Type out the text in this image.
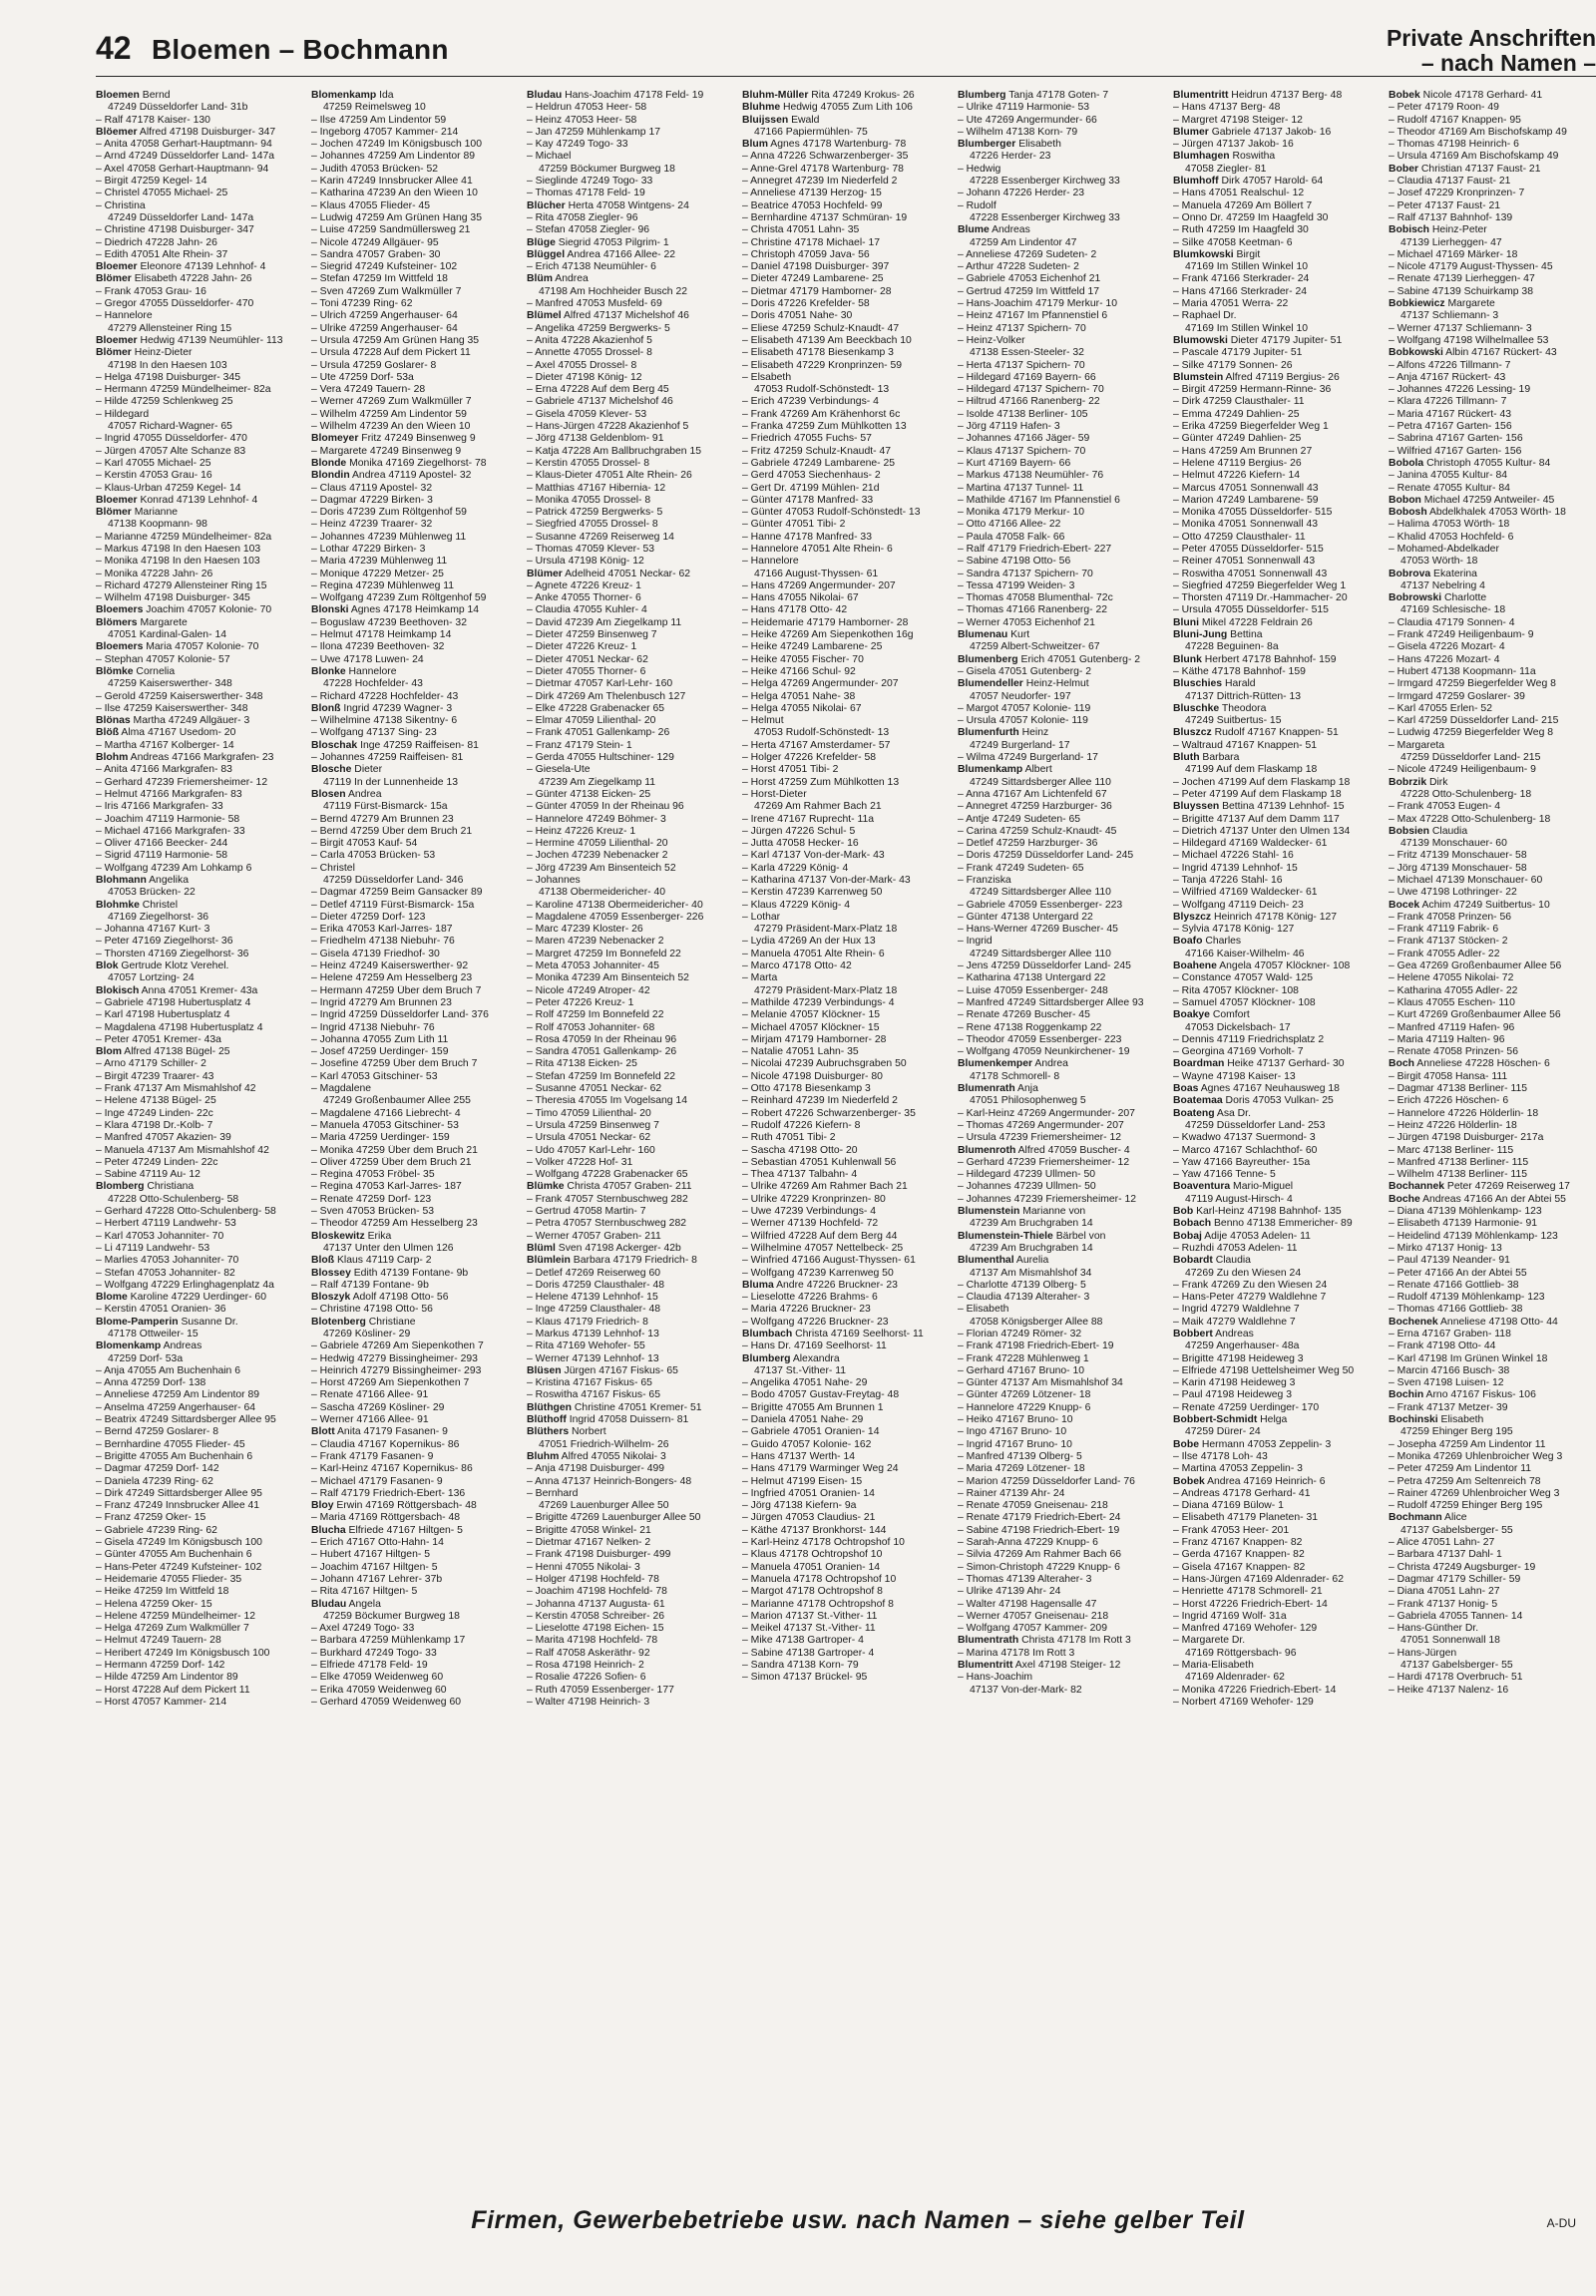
42 Bloemen – Bochmann	Private Anschriften
– nach Namen –
Bloemen Bernd
47249 Düsseldorfer Land- 31b
– Ralf 47178 Kaiser- 130
Blöemer Alfred 47198 Duisburger- 347
– Anita 47058 Gerhart-Hauptmann- 94
– Arnd 47249 Düsseldorfer Land- 147a
– Axel 47058 Gerhart-Hauptmann- 94
– Birgit 47259 Kegel- 14
– Christel 47055 Michael- 25
– Christina
47249 Düsseldorfer Land- 147a
– Christine 47198 Duisburger- 347
– Diedrich 47228 Jahn- 26
– Edith 47051 Alte Rhein- 37
Bloemer Eleonore 47139 Lehnhof- 4
Blömer Elisabeth 47228 Jahn- 26
– Frank 47053 Grau- 16
– Gregor 47055 Düsseldorfer- 470
– Hannelore
47279 Allensteiner Ring 15
Bloemer Hedwig 47139 Neumühler- 113
Blömer Heinz-Dieter
47198 In den Haesen 103
– Helga 47198 Duisburger- 345
– Hermann 47259 Mündelheimer- 82a
– Hilde 47259 Schlenkweg 25
– Hildegard
47057 Richard-Wagner- 65
– Ingrid 47055 Düsseldorfer- 470
– Jürgen 47057 Alte Schanze 83
– Karl 47055 Michael- 25
– Kerstin 47053 Grau- 16
– Klaus-Urban 47259 Kegel- 14
Bloemer Konrad 47139 Lehnhof- 4
Blömer Marianne
47138 Koopmann- 98
– Marianne 47259 Mündelheimer- 82a
– Markus 47198 In den Haesen 103
– Monika 47198 In den Haesen 103
– Monika 47228 Jahn- 26
– Richard 47279 Allensteiner Ring 15
– Wilhelm 47198 Duisburger- 345
Bloemers Joachim 47057 Kolonie- 70
Blömers Margarete
47051 Kardinal-Galen- 14
Bloemers Maria 47057 Kolonie- 70
– Stephan 47057 Kolonie- 57
Blömke Cornelia
47259 Kaiserswerther- 348
– Gerold 47259 Kaiserswerther- 348
– Ilse 47259 Kaiserswerther- 348
Blönas Martha 47249 Allgäuer- 3
Blöß Alma 47167 Usedom- 20
– Martha 47167 Kolberger- 14
Blohm Andreas 47166 Markgrafen- 23
– Anita 47166 Markgrafen- 83
– Gerhard 47239 Friemersheimer- 12
– Helmut 47166 Markgrafen- 83
– Iris 47166 Markgrafen- 33
– Joachim 47119 Harmonie- 58
– Michael 47166 Markgrafen- 33
– Oliver 47166 Beecker- 244
– Sigrid 47119 Harmonie- 58
– Wolfgang 47239 Am Lohkamp 6
Blohmann Angelika
47053 Brücken- 22
Blohmke Christel
47169 Ziegelhorst- 36
– Johanna 47167 Kurt- 3
– Peter 47169 Ziegelhorst- 36
– Thorsten 47169 Ziegelhorst- 36
Blok Gertrude Klotz Verehel.
47057 Lortzing- 24
Blokisch Anna 47051 Kremer- 43a
– Gabriele 47198 Hubertusplatz 4
– Karl 47198 Hubertusplatz 4
– Magdalena 47198 Hubertusplatz 4
– Peter 47051 Kremer- 43a
Blom Alfred 47138 Bügel- 25
– Arno 47179 Schiller- 2
– Birgit 47239 Traarer- 43
– Frank 47137 Am Mismahlshof 42
– Helene 47138 Bügel- 25
– Inge 47249 Linden- 22c
– Klara 47198 Dr.-Kolb- 7
– Manfred 47057 Akazien- 39
– Manuela 47137 Am Mismahlshof 42
– Peter 47249 Linden- 22c
– Sabine 47119 Au- 12
Blomberg Christiana
47228 Otto-Schulenberg- 58
– Gerhard 47228 Otto-Schulenberg- 58
– Herbert 47119 Landwehr- 53
– Karl 47053 Johanniter- 70
– Li 47119 Landwehr- 53
– Marlies 47053 Johanniter- 70
– Stefan 47053 Johanniter- 82
– Wolfgang 47229 Erlinghagenplatz 4a
Blome Karoline 47229 Uerdinger- 60
– Kerstin 47051 Oranien- 36
Blome-Pamperin Susanne Dr.
47178 Ottweiler- 15
Blomenkamp Andreas
47259 Dorf- 53a
– Anja 47055 Am Buchenhain 6
– Anna 47259 Dorf- 138
– Anneliese 47259 Am Lindentor 89
– Anselma 47259 Angerhauser- 64
– Beatrix 47249 Sittardsberger Allee 95
– Bernd 47259 Goslarer- 8
– Bernhardine 47055 Flieder- 45
– Brigitte 47055 Am Buchenhain 6
– Dagmar 47259 Dorf- 142
– Daniela 47239 Ring- 62
– Dirk 47249 Sittardsberger Allee 95
– Franz 47249 Innsbrucker Allee 41
– Franz 47259 Oker- 15
– Gabriele 47239 Ring- 62
– Gisela 47249 Im Königsbusch 100
– Günter 47055 Am Buchenhain 6
– Hans-Peter 47249 Kufsteiner- 102
– Heidemarie 47055 Flieder- 35
– Heike 47259 Im Wittfeld 18
– Helena 47259 Oker- 15
– Helene 47259 Mündelheimer- 12
– Helga 47269 Zum Walkmüller 7
– Helmut 47249 Tauern- 28
– Heribert 47249 Im Königsbusch 100
– Hermann 47259 Dorf- 142
– Hilde 47259 Am Lindentor 89
– Horst 47228 Auf dem Pickert 11
– Horst 47057 Kammer- 214
Blomenkamp Ida
47259 Reimelsweg 10
– Ilse 47259 Am Lindentor 59
– Ingeborg 47057 Kammer- 214
– Jochen 47249 Im Königsbusch 100
– Johannes 47259 Am Lindentor 89
– Judith 47053 Brücken- 52
– Karin 47249 Innsbrucker Allee 41
– Katharina 47239 An den Wieen 10
– Klaus 47055 Flieder- 45
– Ludwig 47259 Am Grünen Hang 35
– Luise 47259 Sandmüllersweg 21
– Nicole 47249 Allgäuer- 95
– Sandra 47057 Graben- 30
– Siegrid 47249 Kufsteiner- 102
– Stefan 47259 Im Wittfeld 18
– Sven 47269 Zum Walkmüller 7
– Toni 47239 Ring- 62
– Ulrich 47259 Angerhauser- 64
– Ulrike 47259 Angerhauser- 64
– Ursula 47259 Am Grünen Hang 35
– Ursula 47228 Auf dem Pickert 11
– Ursula 47259 Goslarer- 8
– Ute 47259 Dorf- 53a
– Vera 47249 Tauern- 28
– Werner 47269 Zum Walkmüller 7
– Wilhelm 47259 Am Lindentor 59
– Wilhelm 47239 An den Wieen 10
Blomeyer Fritz 47249 Binsenweg 9
– Margarete 47249 Binsenweg 9
Blonde Monika 47169 Ziegelhorst- 78
Blondin Andrea 47119 Apostel- 32
– Claus 47119 Apostel- 32
– Dagmar 47229 Birken- 3
– Doris 47239 Zum Röltgenhof 59
– Heinz 47239 Traarer- 32
– Johannes 47239 Mühlenweg 11
– Lothar 47229 Birken- 3
– Maria 47239 Mühlenweg 11
– Monique 47229 Metzer- 25
– Regina 47239 Mühlenweg 11
– Wolfgang 47239 Zum Röltgenhof 59
Blonski Agnes 47178 Heimkamp 14
– Boguslaw 47239 Beethoven- 32
– Helmut 47178 Heimkamp 14
– Ilona 47239 Beethoven- 32
– Uwe 47178 Luwen- 24
Blonke Hannelore
47228 Hochfelder- 43
– Richard 47228 Hochfelder- 43
Blonß Ingrid 47239 Wagner- 3
– Wilhelmine 47138 Sikentny- 6
– Wolfgang 47137 Sing- 23
Bloschak Inge 47259 Raiffeisen- 81
– Johannes 47259 Raiffeisen- 81
Blosche Dieter
47119 In der Lunnenheide 13
Blosen Andrea
47119 Fürst-Bismarck- 15a
– Bernd 47279 Am Brunnen 23
– Bernd 47259 Über dem Bruch 21
– Birgit 47053 Kauf- 54
– Carla 47053 Brücken- 53
– Christel
47259 Düsseldorfer Land- 346
– Dagmar 47259 Beim Gansacker 89
– Detlef 47119 Fürst-Bismarck- 15a
– Dieter 47259 Dorf- 123
– Erika 47053 Karl-Jarres- 187
– Friedhelm 47138 Niebuhr- 76
– Gisela 47139 Friedhof- 30
– Heinz 47249 Kaiserswerther- 92
– Helene 47259 Am Hesselberg 23
– Hermann 47259 Über dem Bruch 7
– Ingrid 47279 Am Brunnen 23
– Ingrid 47259 Düsseldorfer Land- 376
– Ingrid 47138 Niebuhr- 76
– Johanna 47055 Zum Lith 11
– Josef 47259 Uerdinger- 159
– Josefine 47259 Über dem Bruch 7
– Karl 47053 Gitschiner- 53
– Magdalene
47249 Großenbaumer Allee 255
– Magdalene 47166 Liebrecht- 4
– Manuela 47053 Gitschiner- 53
– Maria 47259 Uerdinger- 159
– Monika 47259 Über dem Bruch 21
– Oliver 47259 Über dem Bruch 21
– Regina 47053 Fröbel- 35
– Regina 47053 Karl-Jarres- 187
– Renate 47259 Dorf- 123
– Sven 47053 Brücken- 53
– Theodor 47259 Am Hesselberg 23
Bloskewitz Erika
47137 Unter den Ulmen 126
Bloß Klaus 47119 Carp- 2
Blossey Edith 47139 Fontane- 9b
– Ralf 47139 Fontane- 9b
Bloszyk Adolf 47198 Otto- 56
– Christine 47198 Otto- 56
Blotenberg Christiane
47269 Kösliner- 29
– Gabriele 47269 Am Siepenkothen 7
– Hedwig 47279 Bissingheimer- 293
– Heinrich 47279 Bissingheimer- 293
– Horst 47269 Am Siepenkothen 7
– Renate 47166 Allee- 91
– Sascha 47269 Kösliner- 29
– Werner 47166 Allee- 91
Blott Anita 47179 Fasanen- 9
– Claudia 47167 Kopernikus- 86
– Frank 47179 Fasanen- 9
– Karl-Heinz 47167 Kopernikus- 86
– Michael 47179 Fasanen- 9
– Ralf 47179 Friedrich-Ebert- 136
Bloy Erwin 47169 Röttgersbach- 48
– Maria 47169 Röttgersbach- 48
Blucha Elfriede 47167 Hiltgen- 5
– Erich 47167 Otto-Hahn- 14
– Hubert 47167 Hiltgen- 5
– Joachim 47167 Hiltgen- 5
– Johann 47167 Lehrer- 37b
– Rita 47167 Hiltgen- 5
Bludau Angela
47259 Böckumer Burgweg 18
– Axel 47249 Togo- 33
– Barbara 47259 Mühlenkamp 17
– Burkhard 47249 Togo- 33
– Elfriede 47178 Feld- 19
– Elke 47059 Weidenweg 60
– Erika 47059 Weidenweg 60
– Gerhard 47059 Weidenweg 60
Bludau Hans-Joachim 47178 Feld- 19
– Heldrun 47053 Heer- 58
– Heinz 47053 Heer- 58
– Jan 47259 Mühlenkamp 17
– Kay 47249 Togo- 33
– Michael
47259 Böckumer Burgweg 18
– Sieglinde 47249 Togo- 33
– Thomas 47178 Feld- 19
Blücher Herta 47058 Wintgens- 24
– Rita 47058 Ziegler- 96
– Stefan 47058 Ziegler- 96
Blüge Siegrid 47053 Pilgrim- 1
Blüggel Andrea 47166 Allee- 22
– Erich 47138 Neumühler- 6
Blüm Andrea
47198 Am Hochheider Busch 22
– Manfred 47053 Musfeld- 69
Blümel Alfred 47137 Michelshof 46
– Angelika 47259 Bergwerks- 5
– Anita 47228 Akazienhof 5
– Annette 47055 Drossel- 8
– Axel 47055 Drossel- 8
– Dieter 47198 König- 12
– Erna 47228 Auf dem Berg 45
– Gabriele 47137 Michelshof 46
– Gisela 47059 Klever- 53
– Hans-Jürgen 47228 Akazienhof 5
– Jörg 47138 Geldenblom- 91
– Katja 47228 Am Ballbruchgraben 15
– Kerstin 47055 Drossel- 8
– Klaus-Dieter 47051 Alte Rhein- 26
– Matthias 47167 Hibernia- 12
– Monika 47055 Drossel- 8
– Patrick 47259 Bergwerks- 5
– Siegfried 47055 Drossel- 8
– Susanne 47269 Reiserweg 14
– Thomas 47059 Klever- 53
– Ursula 47198 König- 12
Blümer Adelheid 47051 Neckar- 62
– Agnete 47226 Kreuz- 1
– Anke 47055 Thorner- 6
– Claudia 47055 Kuhler- 4
– David 47239 Am Ziegelkamp 11
– Dieter 47259 Binsenweg 7
– Dieter 47226 Kreuz- 1
– Dieter 47051 Neckar- 62
– Dieter 47055 Thorner- 6
– Dietmar 47057 Karl-Lehr- 160
– Dirk 47269 Am Thelenbusch 127
– Elke 47228 Grabenacker 65
– Elmar 47059 Lilienthal- 20
– Frank 47051 Gallenkamp- 26
– Franz 47179 Stein- 1
– Gerda 47055 Hultschiner- 129
– Giesela-Ute
47239 Am Ziegelkamp 11
– Günter 47138 Eicken- 25
– Günter 47059 In der Rheinau 96
– Hannelore 47249 Böhmer- 3
– Heinz 47226 Kreuz- 1
– Hermine 47059 Lilienthal- 20
– Jochen 47239 Nebenacker 2
– Jörg 47239 Am Binsenteich 52
– Johannes
47138 Obermeidericher- 40
– Karoline 47138 Obermeidericher- 40
– Magdalene 47059 Essenberger- 226
– Marc 47239 Kloster- 26
– Maren 47239 Nebenacker 2
– Margret 47259 Im Bonnefeld 22
– Meta 47053 Johanniter- 45
– Monika 47239 Am Binsenteich 52
– Nicole 47249 Atroper- 42
– Peter 47226 Kreuz- 1
– Rolf 47259 Im Bonnefeld 22
– Rolf 47053 Johanniter- 68
– Rosa 47059 In der Rheinau 96
– Sandra 47051 Gallenkamp- 26
– Rita 47138 Eicken- 25
– Stefan 47259 Im Bonnefeld 22
– Susanne 47051 Neckar- 62
– Theresia 47055 Im Vogelsang 14
– Timo 47059 Lilienthal- 20
– Ursula 47259 Binsenweg 7
– Ursula 47051 Neckar- 62
– Udo 47057 Karl-Lehr- 160
– Volker 47228 Hof- 31
– Wolfgang 47228 Grabenacker 65
Blümke Christa 47057 Graben- 211
– Frank 47057 Sternbuschweg 282
– Gertrud 47058 Martin- 7
– Petra 47057 Sternbuschweg 282
– Werner 47057 Graben- 211
Blüml Sven 47198 Ackerger- 42b
Blümlein Barbara 47179 Friedrich- 8
– Detlef 47269 Reiserweg 60
– Doris 47259 Clausthaler- 48
– Helene 47139 Lehnhof- 15
– Inge 47259 Clausthaler- 48
– Klaus 47179 Friedrich- 8
– Markus 47139 Lehnhof- 13
– Rita 47169 Wehofer- 55
– Werner 47139 Lehnhof- 13
Blüsen Jürgen 47167 Fiskus- 65
– Kristina 47167 Fiskus- 65
– Roswitha 47167 Fiskus- 65
Blüthgen Christine 47051 Kremer- 51
Blüthoff Ingrid 47058 Duissern- 81
Blüthers Norbert
47051 Friedrich-Wilhelm- 26
Bluhm Alfred 47055 Nikolai- 3
– Anja 47198 Duisburger- 499
– Anna 47137 Heinrich-Bongers- 48
– Bernhard
47269 Lauenburger Allee 50
– Brigitte 47269 Lauenburger Allee 50
– Brigitte 47058 Winkel- 21
– Dietmar 47167 Nelken- 2
– Frank 47198 Duisburger- 499
– Henni 47055 Nikolai- 3
– Holger 47198 Hochfeld- 78
– Joachim 47198 Hochfeld- 78
– Johanna 47137 Augusta- 61
– Kerstin 47058 Schreiber- 26
– Lieselotte 47198 Eichen- 15
– Marita 47198 Hochfeld- 78
– Ralf 47058 Askeräthr- 92
– Rosa 47198 Heinrich- 2
– Rosalie 47226 Sofien- 6
– Ruth 47059 Essenberger- 177
– Walter 47198 Heinrich- 3
Bluhm-Müller Rita 47249 Krokus- 26
Bluhme Hedwig 47055 Zum Lith 106
Bluijssen Ewald
47166 Papiermühlen- 75
Blum Agnes 47178 Wartenburg- 78
– Anna 47226 Schwarzenberger- 35
– Anne-Grel 47178 Wartenburg- 78
– Annegret 47239 Im Niederfeld 2
– Anneliese 47139 Herzog- 15
– Beatrice 47053 Hochfeld- 99
– Bernhardine 47137 Schmüran- 19
– Christa 47051 Lahn- 35
– Christine 47178 Michael- 17
– Christoph 47059 Java- 56
– Daniel 47198 Duisburger- 397
– Dieter 47249 Lambarene- 25
– Dietmar 47179 Hamborner- 28
– Doris 47226 Krefelder- 58
– Doris 47051 Nahe- 30
– Eliese 47259 Schulz-Knaudt- 47
– Elisabeth 47139 Am Beeckbach 10
– Elisabeth 47178 Biesenkamp 3
– Elisabeth 47229 Kronprinzen- 59
– Elsabeth
47053 Rudolf-Schönstedt- 13
– Erich 47239 Verbindungs- 4
– Frank 47269 Am Krähenhorst 6c
– Franka 47259 Zum Mühlkotten 13
– Friedrich 47055 Fuchs- 57
– Fritz 47259 Schulz-Knaudt- 47
– Gabriele 47249 Lambarene- 25
– Gerd 47053 Siechenhaus- 2
– Gert Dr. 47199 Mühlen- 21d
– Günter 47178 Manfred- 33
– Günter 47053 Rudolf-Schönstedt- 13
– Günter 47051 Tibi- 2
– Hanne 47178 Manfred- 33
– Hannelore 47051 Alte Rhein- 6
– Hannelore
47166 August-Thyssen- 61
– Hans 47269 Angermunder- 207
– Hans 47055 Nikolai- 67
– Hans 47178 Otto- 42
– Heidemarie 47179 Hamborner- 28
– Heike 47269 Am Siepenkothen 16g
– Heike 47249 Lambarene- 25
– Heike 47055 Fischer- 70
– Heike 47166 Schul- 92
– Helga 47269 Angermunder- 207
– Helga 47051 Nahe- 38
– Helga 47055 Nikolai- 67
– Helmut
47053 Rudolf-Schönstedt- 13
– Herta 47167 Amsterdamer- 57
– Holger 47226 Krefelder- 58
– Horst 47051 Tibi- 2
– Horst 47259 Zum Mühlkotten 13
– Horst-Dieter
47269 Am Rahmer Bach 21
– Irene 47167 Ruprecht- 11a
– Jürgen 47226 Schul- 5
– Jutta 47058 Hecker- 16
– Karl 47137 Von-der-Mark- 43
– Karla 47229 König- 4
– Katharina 47137 Von-der-Mark- 43
– Kerstin 47239 Karrenweg 50
– Klaus 47229 König- 4
– Lothar
47279 Präsident-Marx-Platz 18
– Lydia 47269 An der Hux 13
– Manuela 47051 Alte Rhein- 6
– Marco 47178 Otto- 42
– Marta
47279 Präsident-Marx-Platz 18
– Mathilde 47239 Verbindungs- 4
– Melanie 47057 Klöckner- 15
– Michael 47057 Klöckner- 15
– Mirjam 47179 Hamborner- 28
– Natalie 47051 Lahn- 35
– Nicolai 47239 Aubruchsgraben 50
– Nicole 47198 Duisburger- 80
– Otto 47178 Biesenkamp 3
– Reinhard 47239 Im Niederfeld 2
– Robert 47226 Schwarzenberger- 35
– Rudolf 47226 Kiefern- 8
– Ruth 47051 Tibi- 2
– Sascha 47198 Otto- 20
– Sebastian 47051 Kuhlenwall 56
– Thea 47137 Talbahn- 4
– Ulrike 47269 Am Rahmer Bach 21
– Ulrike 47229 Kronprinzen- 80
– Uwe 47239 Verbindungs- 4
– Werner 47139 Hochfeld- 72
– Wilfried 47228 Auf dem Berg 44
– Wilhelmine 47057 Nettelbeck- 25
– Winfried 47166 August-Thyssen- 61
– Wolfgang 47239 Karrenweg 50
Bluma Andre 47226 Bruckner- 23
– Lieselotte 47226 Brahms- 6
– Maria 47226 Bruckner- 23
– Wolfgang 47226 Bruckner- 23
Blumbach Christa 47169 Seelhorst- 11
– Hans Dr. 47169 Seelhorst- 11
Blumberg Alexandra
47137 St.-Vither- 11
– Angelika 47051 Nahe- 29
– Bodo 47057 Gustav-Freytag- 48
– Brigitte 47055 Am Brunnen 1
– Daniela 47051 Nahe- 29
– Gabriele 47051 Oranien- 14
– Guido 47057 Kolonie- 162
– Hans 47137 Werth- 14
– Hans 47179 Warminger Weg 24
– Helmut 47199 Eisen- 15
– Ingfried 47051 Oranien- 14
– Jörg 47138 Kiefern- 9a
– Jürgen 47053 Claudius- 21
– Käthe 47137 Bronkhorst- 144
– Karl-Heinz 47178 Ochtropshof 10
– Klaus 47178 Ochtropshof 10
– Manuela 47051 Oranien- 14
– Manuela 47178 Ochtropshof 10
– Margot 47178 Ochtropshof 8
– Marianne 47178 Ochtropshof 8
– Marion 47137 St.-Vither- 11
– Meikel 47137 St.-Vither- 11
– Mike 47138 Gartroper- 4
– Sabine 47138 Gartroper- 4
– Sandra 47138 Korn- 79
– Simon 47137 Brückel- 95
Blumberg Tanja 47178 Goten- 7
– Ulrike 47119 Harmonie- 53
– Ute 47269 Angermunder- 66
– Wilhelm 47138 Korn- 79
Blumberger Elisabeth
47226 Herder- 23
– Hedwig
47228 Essenberger Kirchweg 33
– Johann 47226 Herder- 23
– Rudolf
47228 Essenberger Kirchweg 33
Blume Andreas
47259 Am Lindentor 47
– Anneliese 47269 Sudeten- 2
– Arthur 47228 Sudeten- 2
– Gabriele 47053 Eichenhof 21
– Gertrud 47259 Im Wittfeld 17
– Hans-Joachim 47179 Merkur- 10
– Heinz 47167 Im Pfannenstiel 6
– Heinz 47137 Spichern- 70
– Heinz-Volker
47138 Essen-Steeler- 32
– Herta 47137 Spichern- 70
– Hildegard 47169 Bayern- 66
– Hildegard 47137 Spichern- 70
– Hiltrud 47166 Ranenberg- 22
– Isolde 47138 Berliner- 105
– Jörg 47119 Hafen- 3
– Johannes 47166 Jäger- 59
– Klaus 47137 Spichern- 70
– Kurt 47169 Bayern- 66
– Markus 47138 Neumühler- 76
– Martina 47137 Tunnel- 11
– Mathilde 47167 Im Pfannenstiel 6
– Monika 47179 Merkur- 10
– Otto 47166 Allee- 22
– Paula 47058 Falk- 66
– Ralf 47179 Friedrich-Ebert- 227
– Sabine 47198 Otto- 56
– Sandra 47137 Spichern- 70
– Tessa 47199 Weiden- 3
– Thomas 47058 Blumenthal- 72c
– Thomas 47166 Ranenberg- 22
– Werner 47053 Eichenhof 21
Blumenau Kurt
47259 Albert-Schweitzer- 67
Blumenberg Erich 47051 Gutenberg- 2
– Gisela 47051 Gutenberg- 2
Blumendeller Heinz-Helmut
47057 Neudorfer- 197
– Margot 47057 Kolonie- 119
– Ursula 47057 Kolonie- 119
Blumenfurth Heinz
47249 Burgerland- 17
– Wilma 47249 Burgerland- 17
Blumenkamp Albert
47249 Sittardsberger Allee 110
– Anna 47167 Am Lichtenfeld 67
– Annegret 47259 Harzburger- 36
– Antje 47249 Sudeten- 65
– Carina 47259 Schulz-Knaudt- 45
– Detlef 47259 Harzburger- 36
– Doris 47259 Düsseldorfer Land- 245
– Frank 47249 Sudeten- 65
– Franziska
47249 Sittardsberger Allee 110
– Gabriele 47059 Essenberger- 223
– Günter 47138 Untergard 22
– Hans-Werner 47269 Buscher- 45
– Ingrid
47249 Sittardsberger Allee 110
– Jens 47259 Düsseldorfer Land- 245
– Katharina 47138 Untergard 22
– Luise 47059 Essenberger- 248
– Manfred 47249 Sittardsberger Allee 93
– Renate 47269 Buscher- 45
– Rene 47138 Roggenkamp 22
– Theodor 47059 Essenberger- 223
– Wolfgang 47059 Neunkirchener- 19
Blumenkemper Andrea
47178 Schmorell- 8
Blumenrath Anja
47051 Philosophenweg 5
– Karl-Heinz 47269 Angermunder- 207
– Thomas 47269 Angermunder- 207
– Ursula 47239 Friemersheimer- 12
Blumenroth Alfred 47059 Buscher- 4
– Gerhard 47239 Friemersheimer- 12
– Hildegard 47239 Ullmen- 50
– Johannes 47239 Ullmen- 50
– Johannes 47239 Friemersheimer- 12
Blumenstein Marianne von
47239 Am Bruchgraben 14
Blumenstein-Thiele Bärbel von
47239 Am Bruchgraben 14
Blumenthal Aurelia
47137 Am Mismahlshof 34
– Charlotte 47139 Olberg- 5
– Claudia 47139 Alteraher- 3
– Elisabeth
47058 Königsberger Allee 88
– Florian 47249 Römer- 32
– Frank 47198 Friedrich-Ebert- 19
– Frank 47228 Mühlenweg 1
– Gerhard 47167 Bruno- 10
– Günter 47137 Am Mismahlshof 34
– Günter 47269 Lötzener- 18
– Hannelore 47229 Knupp- 6
– Heiko 47167 Bruno- 10
– Ingo 47167 Bruno- 10
– Ingrid 47167 Bruno- 10
– Manfred 47139 Olberg- 5
– Maria 47269 Lötzener- 18
– Marion 47259 Düsseldorfer Land- 76
– Rainer 47139 Ahr- 24
– Renate 47059 Gneisenau- 218
– Renate 47179 Friedrich-Ebert- 24
– Sabine 47198 Friedrich-Ebert- 19
– Sarah-Anna 47229 Knupp- 6
– Silvia 47269 Am Rahmer Bach 66
– Simon-Christoph 47229 Knupp- 6
– Thomas 47139 Alteraher- 3
– Ulrike 47139 Ahr- 24
– Walter 47198 Hagensalle 47
– Werner 47057 Gneisenau- 218
– Wolfgang 47057 Kammer- 209
Blumentrath Christa 47178 Im Rott 3
– Marina 47178 Im Rott 3
Blumentritt Axel 47198 Steiger- 12
– Hans-Joachim
47137 Von-der-Mark- 82
Blumentritt Heidrun 47137 Berg- 48
– Hans 47137 Berg- 48
– Margret 47198 Steiger- 12
Blumer Gabriele 47137 Jakob- 16
– Jürgen 47137 Jakob- 16
Blumhagen Roswitha
47058 Ziegler- 81
Blumhoff Dirk 47057 Harold- 64
– Hans 47051 Realschul- 12
– Manuela 47269 Am Böllert 7
– Onno Dr. 47259 Im Haagfeld 30
– Ruth 47259 Im Haagfeld 30
– Silke 47058 Keetman- 6
Blumkowski Birgit
47169 Im Stillen Winkel 10
– Frank 47166 Sterkrader- 24
– Hans 47166 Sterkrader- 24
– Maria 47051 Werra- 22
– Raphael Dr.
47169 Im Stillen Winkel 10
Blumowski Dieter 47179 Jupiter- 51
– Pascale 47179 Jupiter- 51
– Silke 47179 Sonnen- 26
Blumstein Alfred 47119 Bergius- 26
– Birgit 47259 Hermann-Rinne- 36
– Dirk 47259 Clausthaler- 11
– Emma 47249 Dahlien- 25
– Erika 47259 Biegerfelder Weg 1
– Günter 47249 Dahlien- 25
– Hans 47259 Am Brunnen 27
– Helene 47119 Bergius- 26
– Helmut 47226 Kiefern- 14
– Marcus 47051 Sonnenwall 43
– Marion 47249 Lambarene- 59
– Monika 47055 Düsseldorfer- 515
– Monika 47051 Sonnenwall 43
– Otto 47259 Clausthaler- 11
– Peter 47055 Düsseldorfer- 515
– Reiner 47051 Sonnenwall 43
– Roswitha 47051 Sonnenwall 43
– Siegfried 47259 Biegerfelder Weg 1
– Thorsten 47119 Dr.-Hammacher- 20
– Ursula 47055 Düsseldorfer- 515
Bluni Mikel 47228 Feldrain 26
Bluni-Jung Bettina
47228 Beguinen- 8a
Blunk Herbert 47178 Bahnhof- 159
– Käthe 47178 Bahnhof- 159
Bluschies Harald
47137 Dittrich-Rütten- 13
Bluschke Theodora
47249 Suitbertus- 15
Bluszcz Rudolf 47167 Knappen- 51
– Waltraud 47167 Knappen- 51
Bluth Barbara
47199 Auf dem Flaskamp 18
– Jochen 47199 Auf dem Flaskamp 18
– Peter 47199 Auf dem Flaskamp 18
Bluyssen Bettina 47139 Lehnhof- 15
– Brigitte 47137 Auf dem Damm 117
– Dietrich 47137 Unter den Ulmen 134
– Hildegard 47169 Waldecker- 61
– Michael 47226 Stahl- 16
– Ingrid 47139 Lehnhof- 15
– Tanja 47226 Stahl- 16
– Wilfried 47169 Waldecker- 61
– Wolfgang 47119 Deich- 23
Blyszcz Heinrich 47178 König- 127
– Sylvia 47178 König- 127
Boafo Charles
47166 Kaiser-Wilhelm- 46
Boahene Angela 47057 Klöckner- 108
– Constance 47057 Wald- 125
– Rita 47057 Klöckner- 108
– Samuel 47057 Klöckner- 108
Boakye Comfort
47053 Dickelsbach- 17
– Dennis 47119 Friedrichsplatz 2
– Georgina 47169 Vorholt- 7
Boardman Heike 47137 Gerhard- 30
– Wayne 47198 Kaiser- 13
Boas Agnes 47167 Neuhausweg 18
Boatemaa Doris 47053 Vulkan- 25
Boateng Asa Dr.
47259 Düsseldorfer Land- 253
– Kwadwo 47137 Suermond- 3
– Marco 47167 Schlachthof- 60
– Yaw 47166 Bayreuther- 15a
– Yaw 47166 Tenne- 5
Boaventura Mario-Miguel
47119 August-Hirsch- 4
Bob Karl-Heinz 47198 Bahnhof- 135
Bobach Benno 47138 Emmericher- 89
Bobaj Adije 47053 Adelen- 11
– Ruzhdi 47053 Adelen- 11
Bobardt Claudia
47269 Zu den Wiesen 24
– Frank 47269 Zu den Wiesen 24
– Hans-Peter 47279 Waldlehne 7
– Ingrid 47279 Waldlehne 7
– Maik 47279 Waldlehne 7
Bobbert Andreas
47259 Angerhauser- 48a
– Brigitte 47198 Heideweg 3
– Elfriede 47198 Uettelsheimer Weg 50
– Karin 47198 Heideweg 3
– Paul 47198 Heideweg 3
– Renate 47259 Uerdinger- 170
Bobbert-Schmidt Helga
47259 Dürer- 24
Bobe Hermann 47053 Zeppelin- 3
– Ilse 47178 Loh- 43
– Martina 47053 Zeppelin- 3
Bobek Andrea 47169 Heinrich- 6
– Andreas 47178 Gerhard- 41
– Diana 47169 Bülow- 1
– Elisabeth 47179 Planeten- 31
– Frank 47053 Heer- 201
– Franz 47167 Knappen- 82
– Gerda 47167 Knappen- 82
– Gisela 47167 Knappen- 82
– Hans-Jürgen 47169 Aldenrader- 62
– Henriette 47178 Schmorell- 21
– Horst 47226 Friedrich-Ebert- 14
– Ingrid 47169 Wolf- 31a
– Manfred 47169 Wehofer- 129
– Margarete Dr.
47169 Röttgersbach- 96
– Maria-Elisabeth
47169 Aldenrader- 62
– Monika 47226 Friedrich-Ebert- 14
– Norbert 47169 Wehofer- 129
Bobek Nicole 47178 Gerhard- 41
– Peter 47179 Roon- 49
– Rudolf 47167 Knappen- 95
– Theodor 47169 Am Bischofskamp 49
– Thomas 47198 Heinrich- 6
– Ursula 47169 Am Bischofskamp 49
Bober Christian 47137 Faust- 21
– Claudia 47137 Faust- 21
– Josef 47229 Kronprinzen- 7
– Peter 47137 Faust- 21
– Ralf 47137 Bahnhof- 139
Bobisch Heinz-Peter
47139 Lierheggen- 47
– Michael 47169 Märker- 18
– Nicole 47179 August-Thyssen- 45
– Renate 47139 Lierheggen- 47
– Sabine 47139 Schuirkamp 38
Bobkiewicz Margarete
47137 Schliemann- 3
– Werner 47137 Schliemann- 3
– Wolfgang 47198 Wilhelmallee 53
Bobkowski Albin 47167 Rückert- 43
– Alfons 47226 Tillmann- 7
– Anja 47167 Rückert- 43
– Johannes 47226 Lessing- 19
– Klara 47226 Tillmann- 7
– Maria 47167 Rückert- 43
– Petra 47167 Garten- 156
– Sabrina 47167 Garten- 156
– Wilfried 47167 Garten- 156
Bobola Christoph 47055 Kultur- 84
– Janina 47055 Kultur- 84
– Renate 47055 Kultur- 84
Bobon Michael 47259 Antweiler- 45
Bobosh Abdelkhalek 47053 Wörth- 18
– Halima 47053 Wörth- 18
– Khalid 47053 Hochfeld- 6
– Mohamed-Abdelkader
47053 Wörth- 18
Bobrova Ekaterina
47137 Nebelring 4
Bobrowski Charlotte
47169 Schlesische- 18
– Claudia 47179 Sonnen- 4
– Frank 47249 Heiligenbaum- 9
– Gisela 47226 Mozart- 4
– Hans 47226 Mozart- 4
– Hubert 47138 Koopmann- 11a
– Irmgard 47259 Biegerfelder Weg 8
– Irmgard 47259 Goslarer- 39
– Karl 47055 Erlen- 52
– Karl 47259 Düsseldorfer Land- 215
– Ludwig 47259 Biegerfelder Weg 8
– Margareta
47259 Düsseldorfer Land- 215
– Nicole 47249 Heiligenbaum- 9
Bobrzik Dirk
47228 Otto-Schulenberg- 18
– Frank 47053 Eugen- 4
– Max 47228 Otto-Schulenberg- 18
Bobsien Claudia
47139 Monschauer- 60
– Fritz 47139 Monschauer- 58
– Jörg 47139 Monschauer- 58
– Michael 47139 Monschauer- 60
– Uwe 47198 Lothringer- 22
Bocek Achim 47249 Suitbertus- 10
– Frank 47058 Prinzen- 56
– Frank 47119 Fabrik- 6
– Frank 47137 Stöcken- 2
– Frank 47055 Adler- 22
– Gea 47269 Großenbaumer Allee 56
– Helene 47055 Nikolai- 72
– Katharina 47055 Adler- 22
– Klaus 47055 Eschen- 110
– Kurt 47269 Großenbaumer Allee 56
– Manfred 47119 Hafen- 96
– Maria 47119 Halten- 96
– Renate 47058 Prinzen- 56
Boch Anneliese 47228 Höschen- 6
– Birgit 47058 Hansa- 111
– Dagmar 47138 Berliner- 115
– Erich 47226 Höschen- 6
– Hannelore 47226 Hölderlin- 18
– Heinz 47226 Hölderlin- 18
– Jürgen 47198 Duisburger- 217a
– Marc 47138 Berliner- 115
– Manfred 47138 Berliner- 115
– Wilhelm 47138 Berliner- 115
Bochannek Peter 47269 Reiserweg 17
Boche Andreas 47166 An der Abtei 55
– Diana 47139 Möhlenkamp- 123
– Elisabeth 47139 Harmonie- 91
– Heidelind 47139 Möhlenkamp- 123
– Mirko 47137 Honig- 13
– Paul 47139 Neander- 91
– Peter 47166 An der Abtei 55
– Renate 47166 Gottlieb- 38
– Rudolf 47139 Möhlenkamp- 123
– Thomas 47166 Gottlieb- 38
Bochenek Anneliese 47198 Otto- 44
– Erna 47167 Graben- 118
– Frank 47198 Otto- 44
– Karl 47198 Im Grünen Winkel 18
– Marcin 47166 Busch- 38
– Sven 47198 Luisen- 12
Bochin Arno 47167 Fiskus- 106
– Frank 47137 Metzer- 39
Bochinski Elisabeth
47259 Ehinger Berg 195
– Josepha 47259 Am Lindentor 11
– Monika 47269 Uhlenbroicher Weg 3
– Peter 47259 Am Lindentor 11
– Petra 47259 Am Seltenreich 78
– Rainer 47269 Uhlenbroicher Weg 3
– Rudolf 47259 Ehinger Berg 195
Bochmann Alice
47137 Gabelsberger- 55
– Alice 47051 Lahn- 27
– Barbara 47137 Dahl- 1
– Christa 47249 Augsburger- 19
– Dagmar 47179 Schiller- 59
– Diana 47051 Lahn- 27
– Frank 47137 Honig- 5
– Gabriela 47055 Tannen- 14
– Hans-Günther Dr.
47051 Sonnenwall 18
– Hans-Jürgen
47137 Gabelsberger- 55
– Hardi 47178 Overbruch- 51
– Heike 47137 Nalenz- 16
Firmen, Gewerbebetriebe usw. nach Namen – siehe gelber Teil	A-DU
